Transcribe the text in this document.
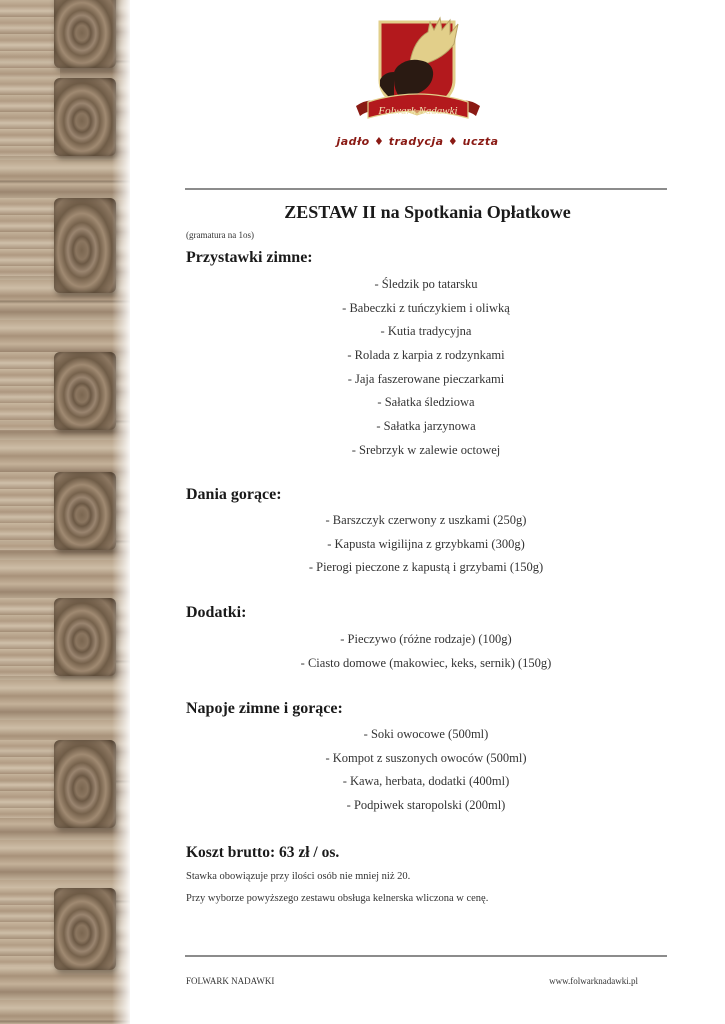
Folwark Nadawki
jadło ♦ tradycja ♦ uczta
ZESTAW II na Spotkania Opłatkowe
(gramatura na 1os)
Przystawki zimne:
- Śledzik po tatarsku
- Babeczki z tuńczykiem i oliwką
- Kutia tradycyjna
- Rolada z karpia z rodzynkami
- Jaja faszerowane pieczarkami
- Sałatka śledziowa
- Sałatka jarzynowa
- Srebrzyk w zalewie octowej
Dania gorące:
- Barszczyk czerwony z uszkami (250g)
- Kapusta wigilijna z grzybkami (300g)
- Pierogi pieczone z kapustą i grzybami (150g)
Dodatki:
- Pieczywo (różne rodzaje) (100g)
- Ciasto domowe (makowiec, keks, sernik) (150g)
Napoje zimne i gorące:
- Soki owocowe (500ml)
- Kompot z suszonych owoców (500ml)
- Kawa, herbata, dodatki (400ml)
- Podpiwek staropolski (200ml)
Koszt brutto: 63 zł / os.
Stawka obowiązuje przy ilości osób nie mniej niż 20.
Przy wyborze powyższego zestawu obsługa kelnerska wliczona w cenę.
FOLWARK NADAWKI	www.folwarknadawki.pl
